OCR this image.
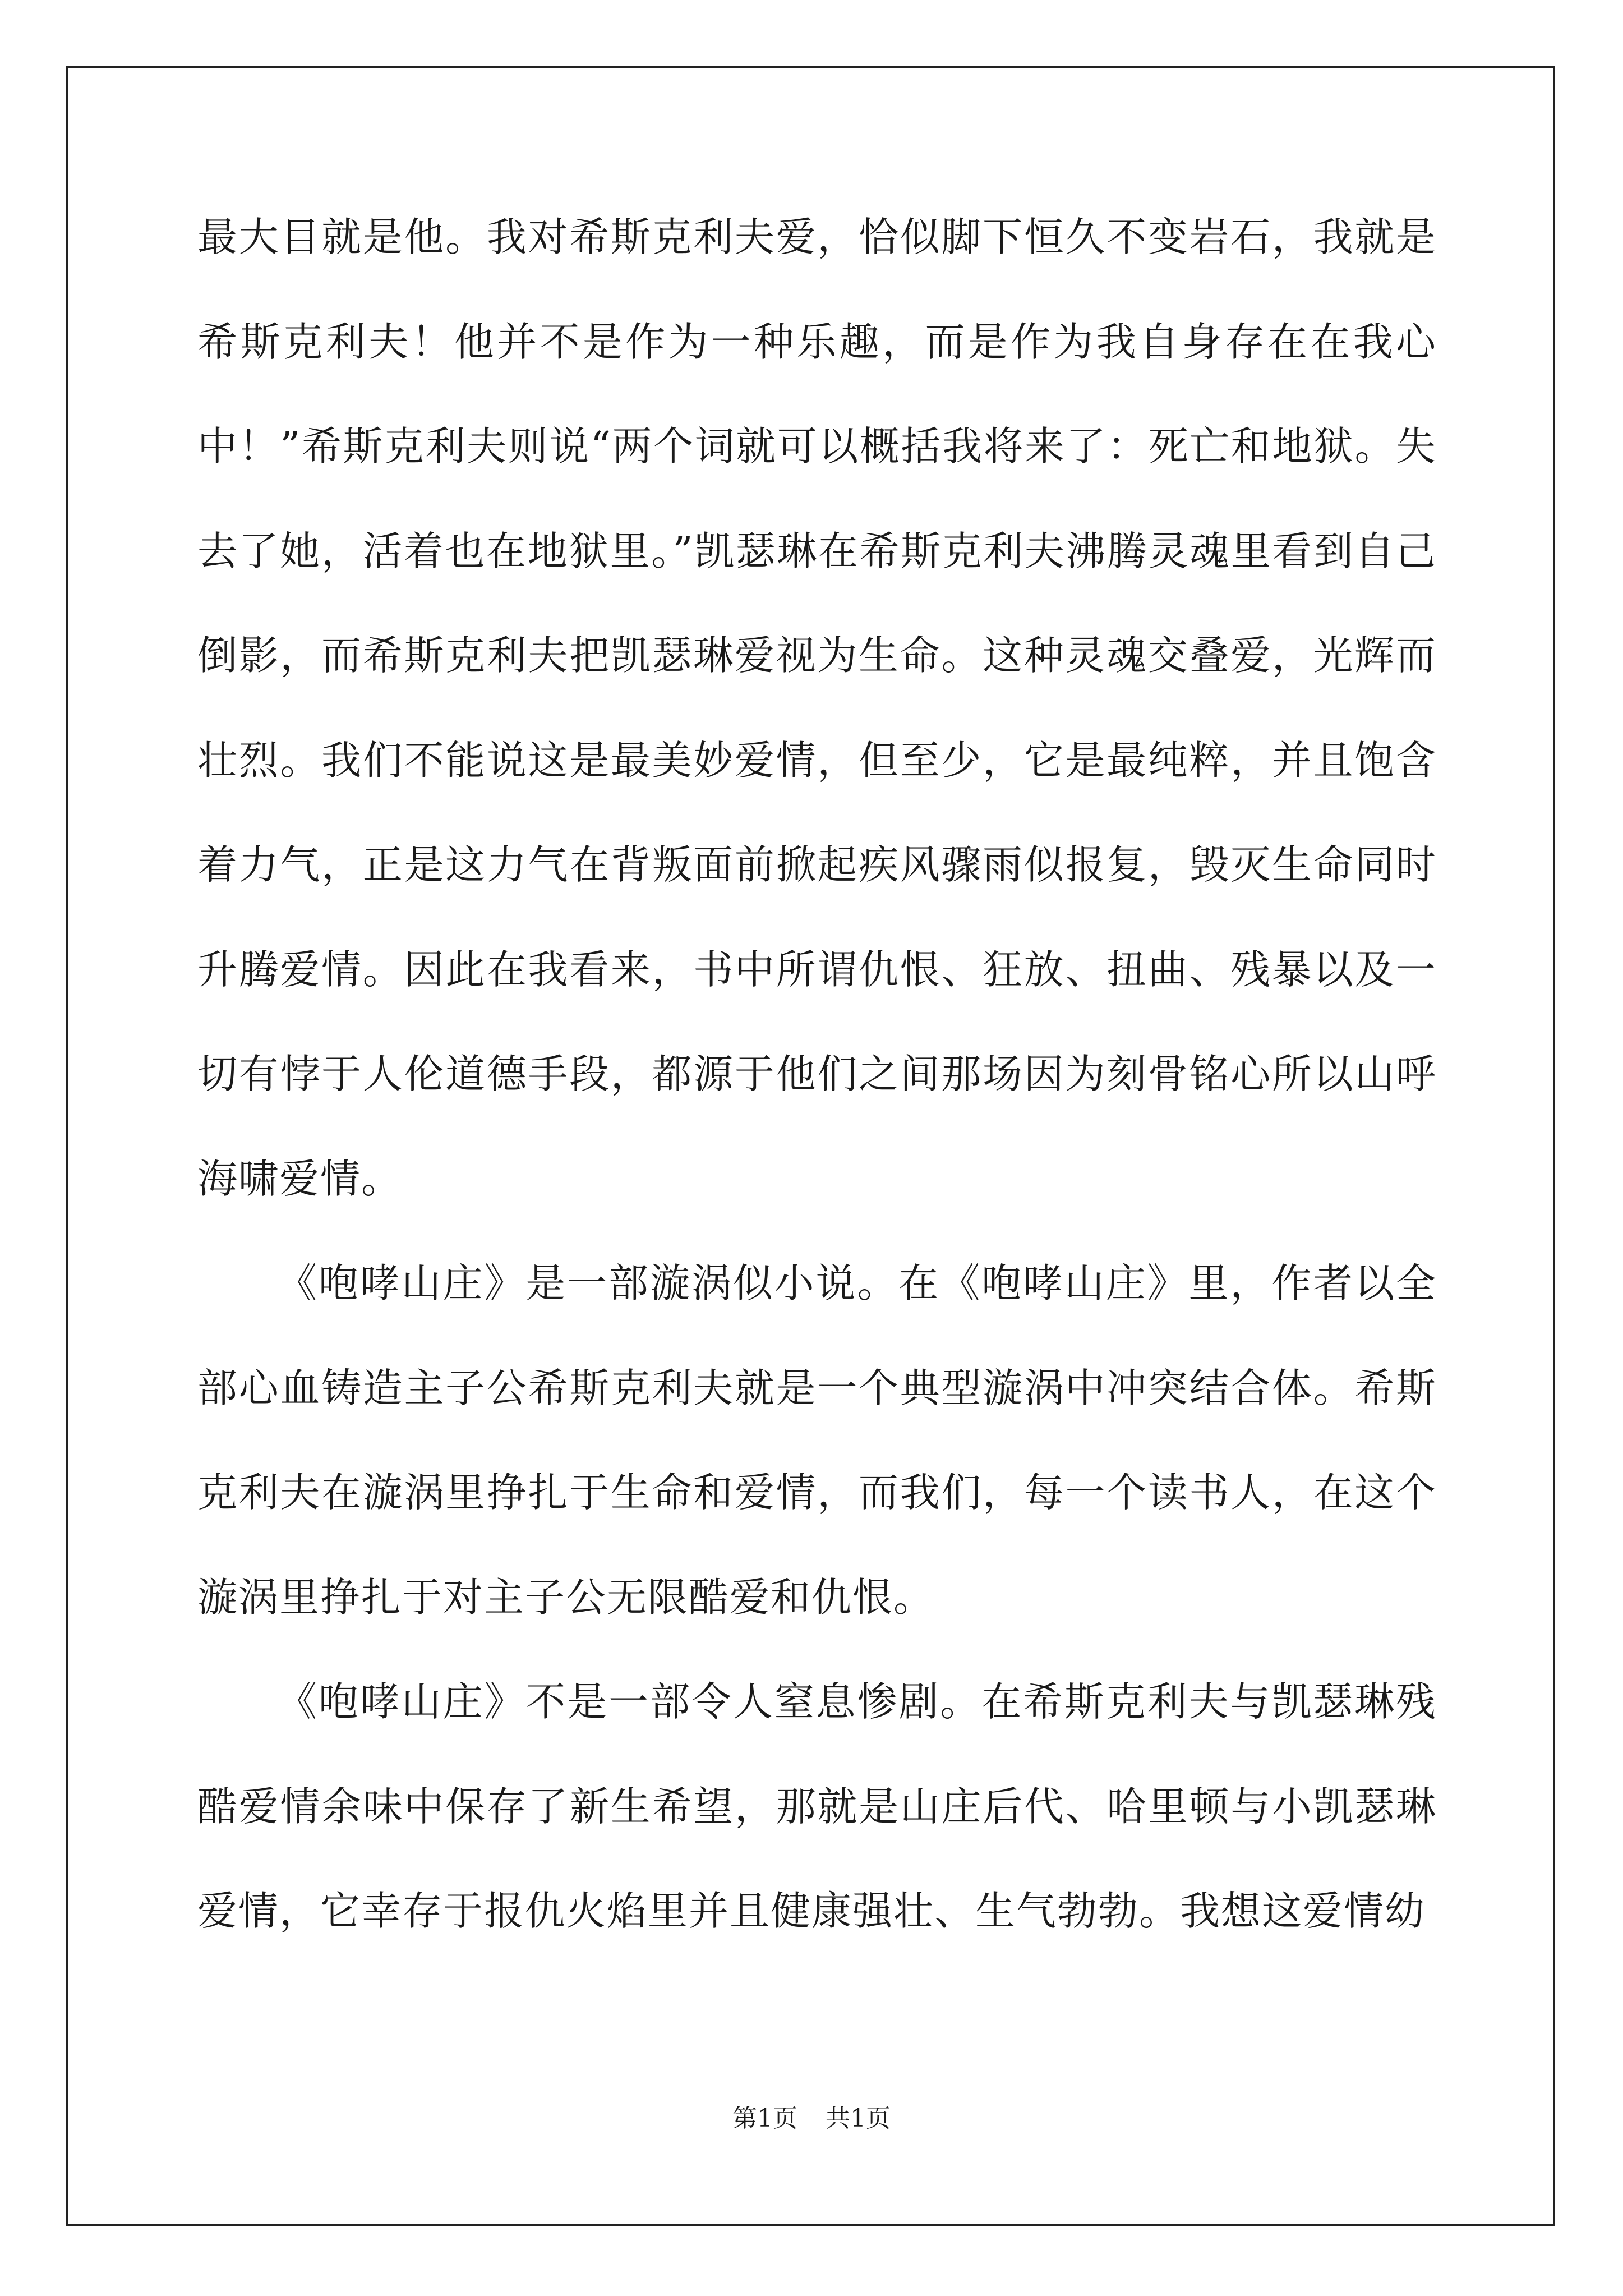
最大目就是他。我对希斯克利夫爱，恰似脚下恒久不变岩石，我就是希斯克利夫！他并不是作为一种乐趣，而是作为我自身存在在我心中！”希斯克利夫则说“两个词就可以概括我将来了：死亡和地狱。失去了她，活着也在地狱里。”凯瑟琳在希斯克利夫沸腾灵魂里看到自己倒影，而希斯克利夫把凯瑟琳爱视为生命。这种灵魂交叠爱，光辉而壮烈。我们不能说这是最美妙爱情，但至少，它是最纯粹，并且饱含着力气，正是这力气在背叛面前掀起疾风骤雨似报复，毁灭生命同时升腾爱情。因此在我看来，书中所谓仇恨、狂放、扭曲、残暴以及一切有悖于人伦道德手段，都源于他们之间那场因为刻骨铭心所以山呼海啸爱情。

《咆哮山庄》是一部漩涡似小说。在《咆哮山庄》里，作者以全部心血铸造主子公希斯克利夫就是一个典型漩涡中冲突结合体。希斯克利夫在漩涡里挣扎于生命和爱情，而我们，每一个读书人，在这个漩涡里挣扎于对主子公无限酷爱和仇恨。

《咆哮山庄》不是一部令人窒息惨剧。在希斯克利夫与凯瑟琳残酷爱情余味中保存了新生希望，那就是山庄后代、哈里顿与小凯瑟琳爱情，它幸存于报仇火焰里并且健康强壮、生气勃勃。我想这爱情幼

第1页 共1页
